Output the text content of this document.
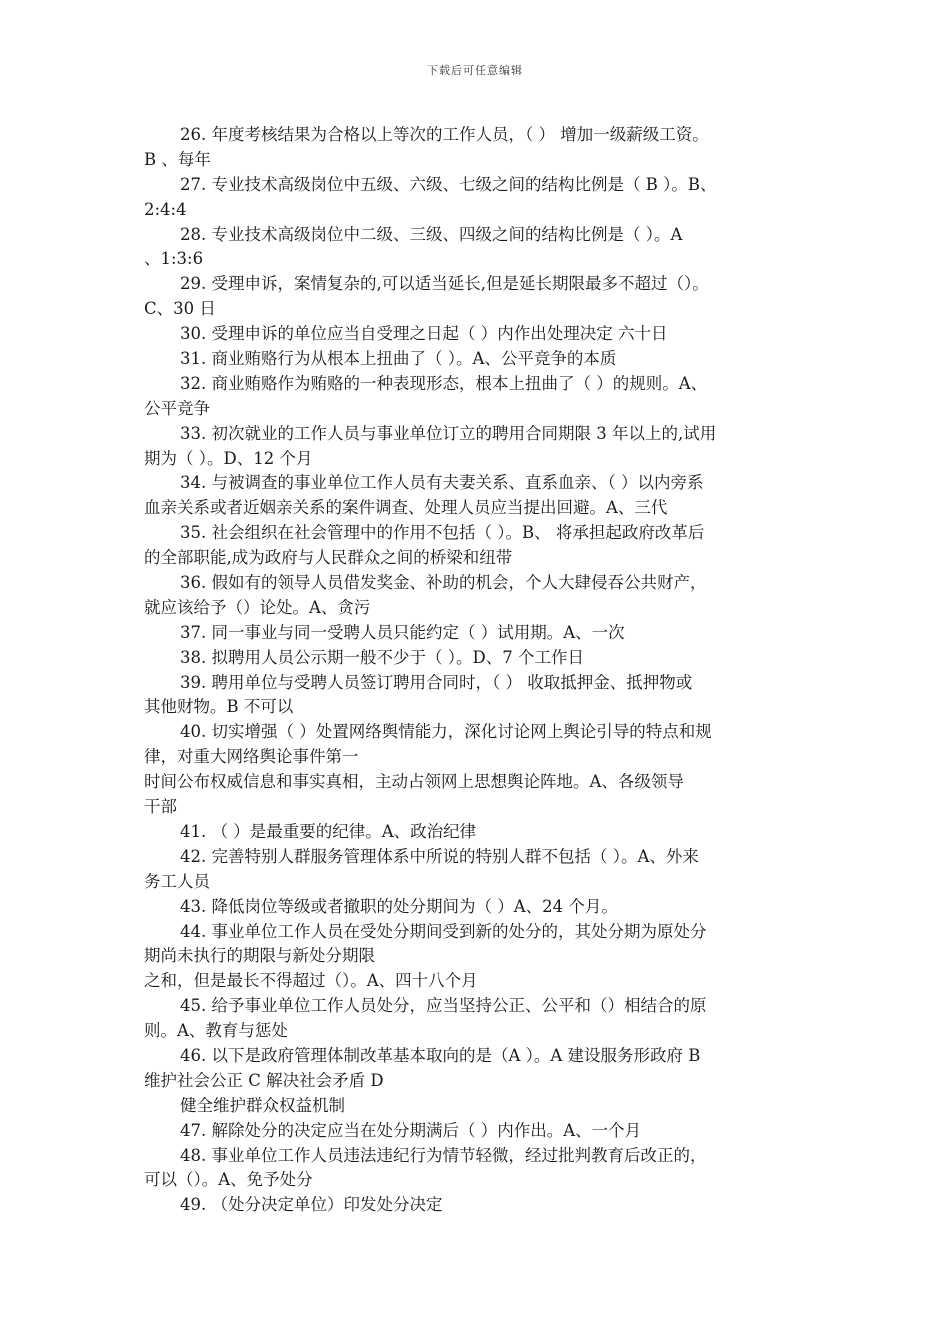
下载后可任意编辑
26. 年度考核结果为合格以上等次的工作人员，（ ） 增加一级薪级工资。
B 、每年
27. 专业技术高级岗位中五级、六级、七级之间的结构比例是（ B ）。B、
2:4:4
28. 专业技术高级岗位中二级、三级、四级之间的结构比例是（ ）。A
、1:3:6
29. 受理申诉，案情复杂的,可以适当延长,但是延长期限最多不超过（）。
C、30 日
30. 受理申诉的单位应当自受理之日起（ ）内作出处理决定 六十日
31. 商业贿赂行为从根本上扭曲了（ ）。A、公平竞争的本质
32. 商业贿赂作为贿赂的一种表现形态，根本上扭曲了（ ）的规则。A、
公平竞争
33. 初次就业的工作人员与事业单位订立的聘用合同期限 3 年以上的,试用
期为（ ）。D、12 个月
34. 与被调查的事业单位工作人员有夫妻关系、直系血亲、（ ）以内旁系
血亲关系或者近姻亲关系的案件调查、处理人员应当提出回避。A、三代
35. 社会组织在社会管理中的作用不包括（ ）。B、 将承担起政府改革后
的全部职能,成为政府与人民群众之间的桥梁和纽带
36. 假如有的领导人员借发奖金、补助的机会，个人大肆侵吞公共财产，
就应该给予（）论处。A、贪污
37. 同一事业与同一受聘人员只能约定（ ）试用期。A、一次
38. 拟聘用人员公示期一般不少于（ ）。D、7 个工作日
39. 聘用单位与受聘人员签订聘用合同时，（ ） 收取抵押金、抵押物或
其他财物。B 不可以
40. 切实增强（ ）处置网络舆情能力，深化讨论网上舆论引导的特点和规
律，对重大网络舆论事件第一
时间公布权威信息和事实真相，主动占领网上思想舆论阵地。A、各级领导
干部
41. （ ）是最重要的纪律。A、政治纪律
42. 完善特别人群服务管理体系中所说的特别人群不包括（ ）。A、外来
务工人员
43. 降低岗位等级或者撤职的处分期间为（ ）A、24 个月。
44. 事业单位工作人员在受处分期间受到新的处分的，其处分期为原处分
期尚未执行的期限与新处分期限
之和，但是最长不得超过（）。A、四十八个月
45. 给予事业单位工作人员处分，应当坚持公正、公平和（）相结合的原
则。A、教育与惩处
46. 以下是政府管理体制改革基本取向的是（A ）。A 建设服务形政府 B
维护社会公正 C 解决社会矛盾 D
健全维护群众权益机制
47. 解除处分的决定应当在处分期满后（ ）内作出。A、一个月
48. 事业单位工作人员违法违纪行为情节轻微，经过批判教育后改正的，
可以（）。A、免予处分
49. （处分决定单位）印发处分决定
